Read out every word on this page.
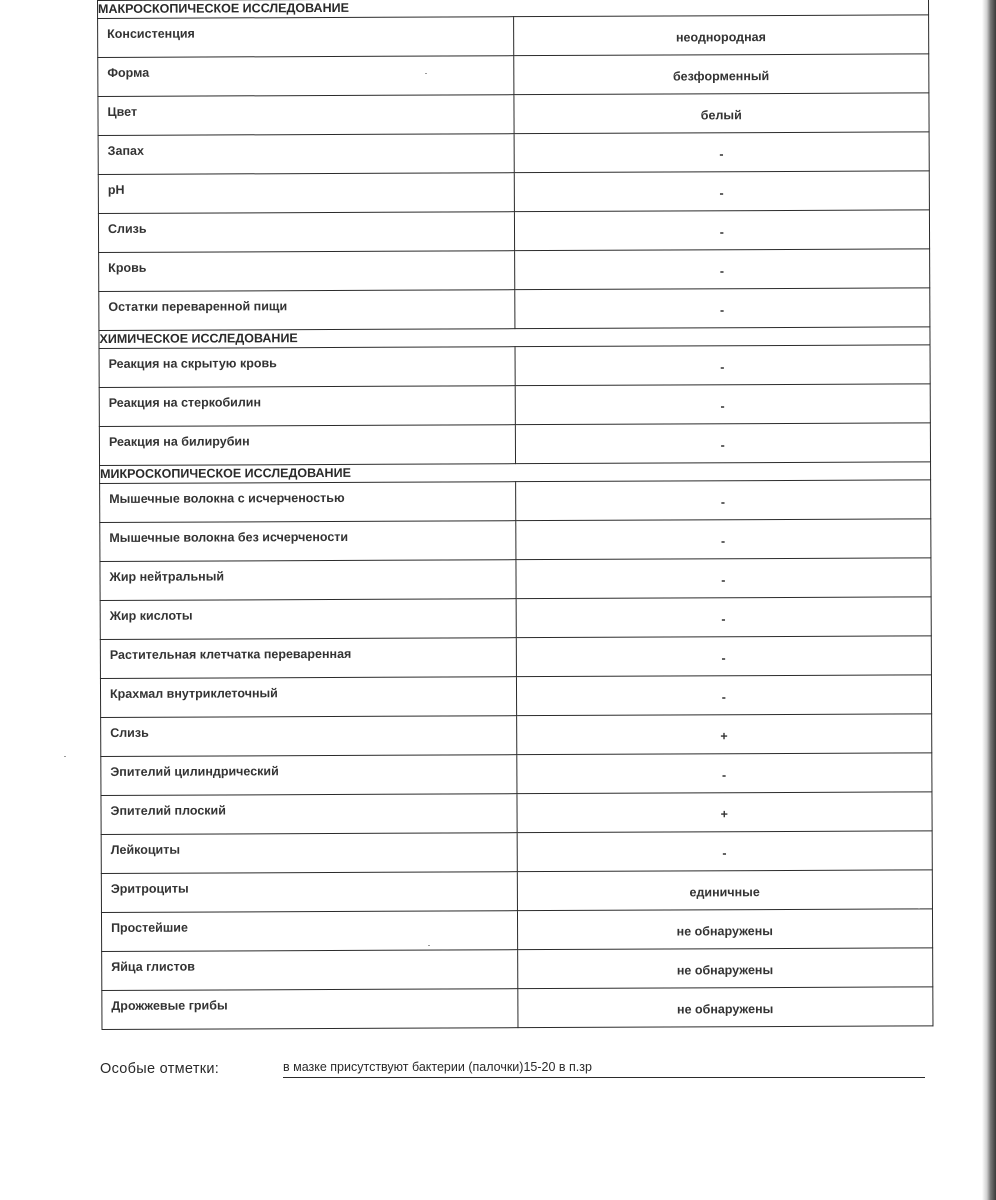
МАКРОСКОПИЧЕСКОЕ ИССЛЕДОВАНИЕ	
Консистенция	неоднородная
Форма	безформенный
Цвет	белый
Запах	-
pH	-
Слизь	-
Кровь	-
Остатки переваренной пищи	-
ХИМИЧЕСКОЕ ИССЛЕДОВАНИЕ	
Реакция на скрытую кровь	-
Реакция на стеркобилин	-
Реакция на билирубин	-
МИКРОСКОПИЧЕСКОЕ ИССЛЕДОВАНИЕ	
Мышечные волокна с исчерченостью	-
Мышечные волокна без исчерчености	-
Жир нейтральный	-
Жир кислоты	-
Растительная клетчатка переваренная	-
Крахмал внутриклеточный	-
Слизь	+
Эпителий цилиндрический	-
Эпителий плоский	+
Лейкоциты	-
Эритроциты	единичные
Простейшие	не обнаружены
Яйца глистов	не обнаружены
Дрожжевые грибы	не обнаружены
Особые отметки:	в мазке присутствуют бактерии (палочки)15-20 в п.зр
